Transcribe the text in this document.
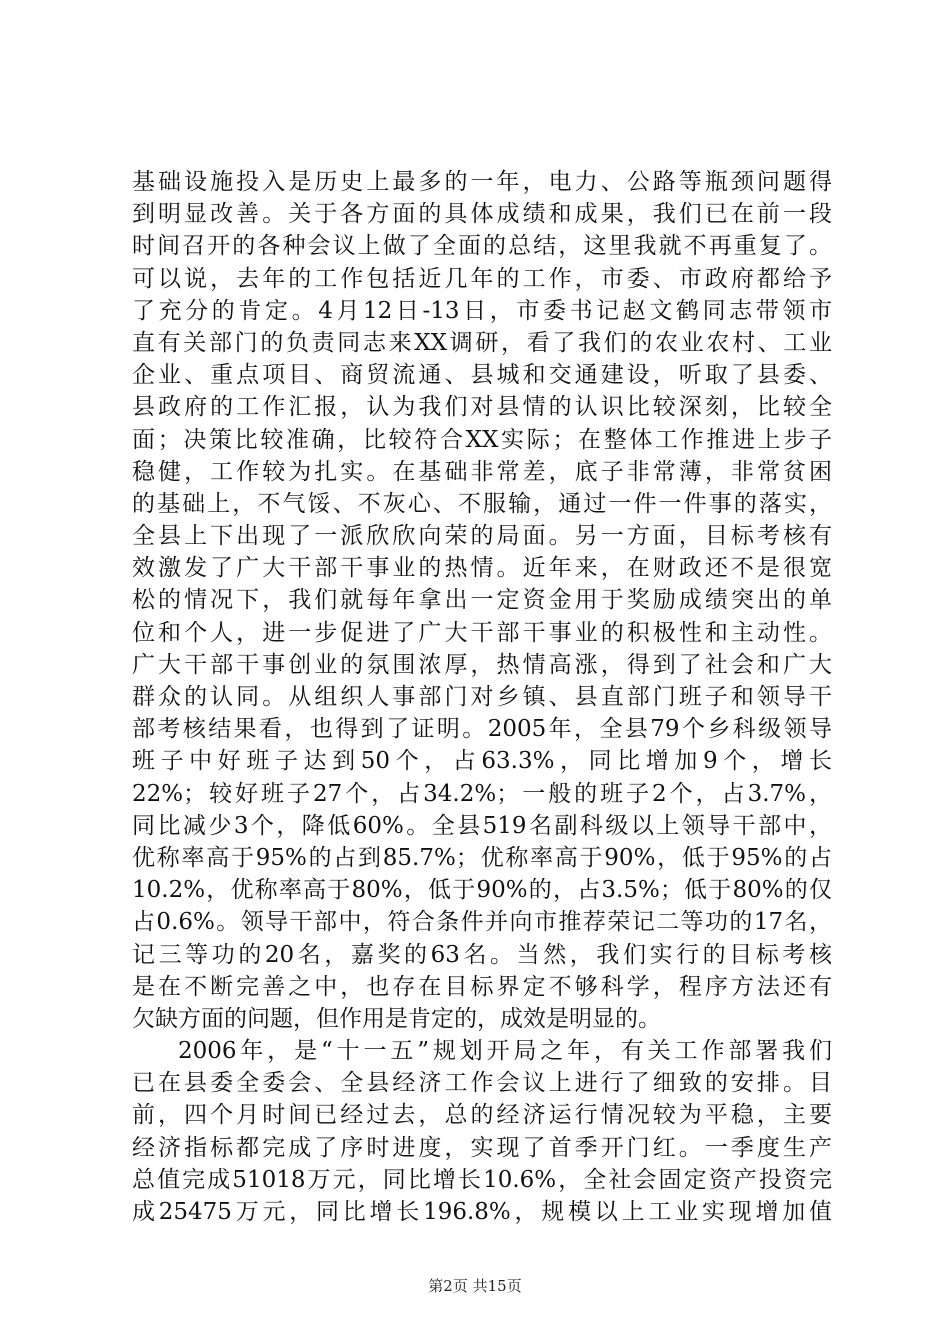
基础设施投入是历史上最多的一年，电力、公路等瓶颈问题得
到明显改善。关于各方面的具体成绩和成果，我们已在前一段
时间召开的各种会议上做了全面的总结，这里我就不再重复了。
可以说，去年的工作包括近几年的工作，市委、市政府都给予
了充分的肯定。4月12日-13日，市委书记赵文鹤同志带领市
直有关部门的负责同志来XX调研，看了我们的农业农村、工业
企业、重点项目、商贸流通、县城和交通建设，听取了县委、
县政府的工作汇报，认为我们对县情的认识比较深刻，比较全
面；决策比较准确，比较符合XX实际；在整体工作推进上步子
稳健，工作较为扎实。在基础非常差，底子非常薄，非常贫困
的基础上，不气馁、不灰心、不服输，通过一件一件事的落实，
全县上下出现了一派欣欣向荣的局面。另一方面，目标考核有
效激发了广大干部干事业的热情。近年来，在财政还不是很宽
松的情况下，我们就每年拿出一定资金用于奖励成绩突出的单
位和个人，进一步促进了广大干部干事业的积极性和主动性。
广大干部干事创业的氛围浓厚，热情高涨，得到了社会和广大
群众的认同。从组织人事部门对乡镇、县直部门班子和领导干
部考核结果看，也得到了证明。2005年，全县79个乡科级领导
班子中好班子达到50个，占63.3%，同比增加9个，增长
22%；较好班子27个，占34.2%；一般的班子2个，占3.7%，
同比减少3个，降低60%。全县519名副科级以上领导干部中，
优称率高于95%的占到85.7%；优称率高于90%，低于95%的占
10.2%，优称率高于80%，低于90%的，占3.5%；低于80%的仅
占0.6%。领导干部中，符合条件并向市推荐荣记二等功的17名，
记三等功的20名，嘉奖的63名。当然，我们实行的目标考核
是在不断完善之中，也存在目标界定不够科学，程序方法还有
欠缺方面的问题，但作用是肯定的，成效是明显的。
2006年，是“十一五”规划开局之年，有关工作部署我们
已在县委全委会、全县经济工作会议上进行了细致的安排。目
前，四个月时间已经过去，总的经济运行情况较为平稳，主要
经济指标都完成了序时进度，实现了首季开门红。一季度生产
总值完成51018万元，同比增长10.6%，全社会固定资产投资完
成25475万元，同比增长196.8%，规模以上工业实现增加值
第2页 共15页
